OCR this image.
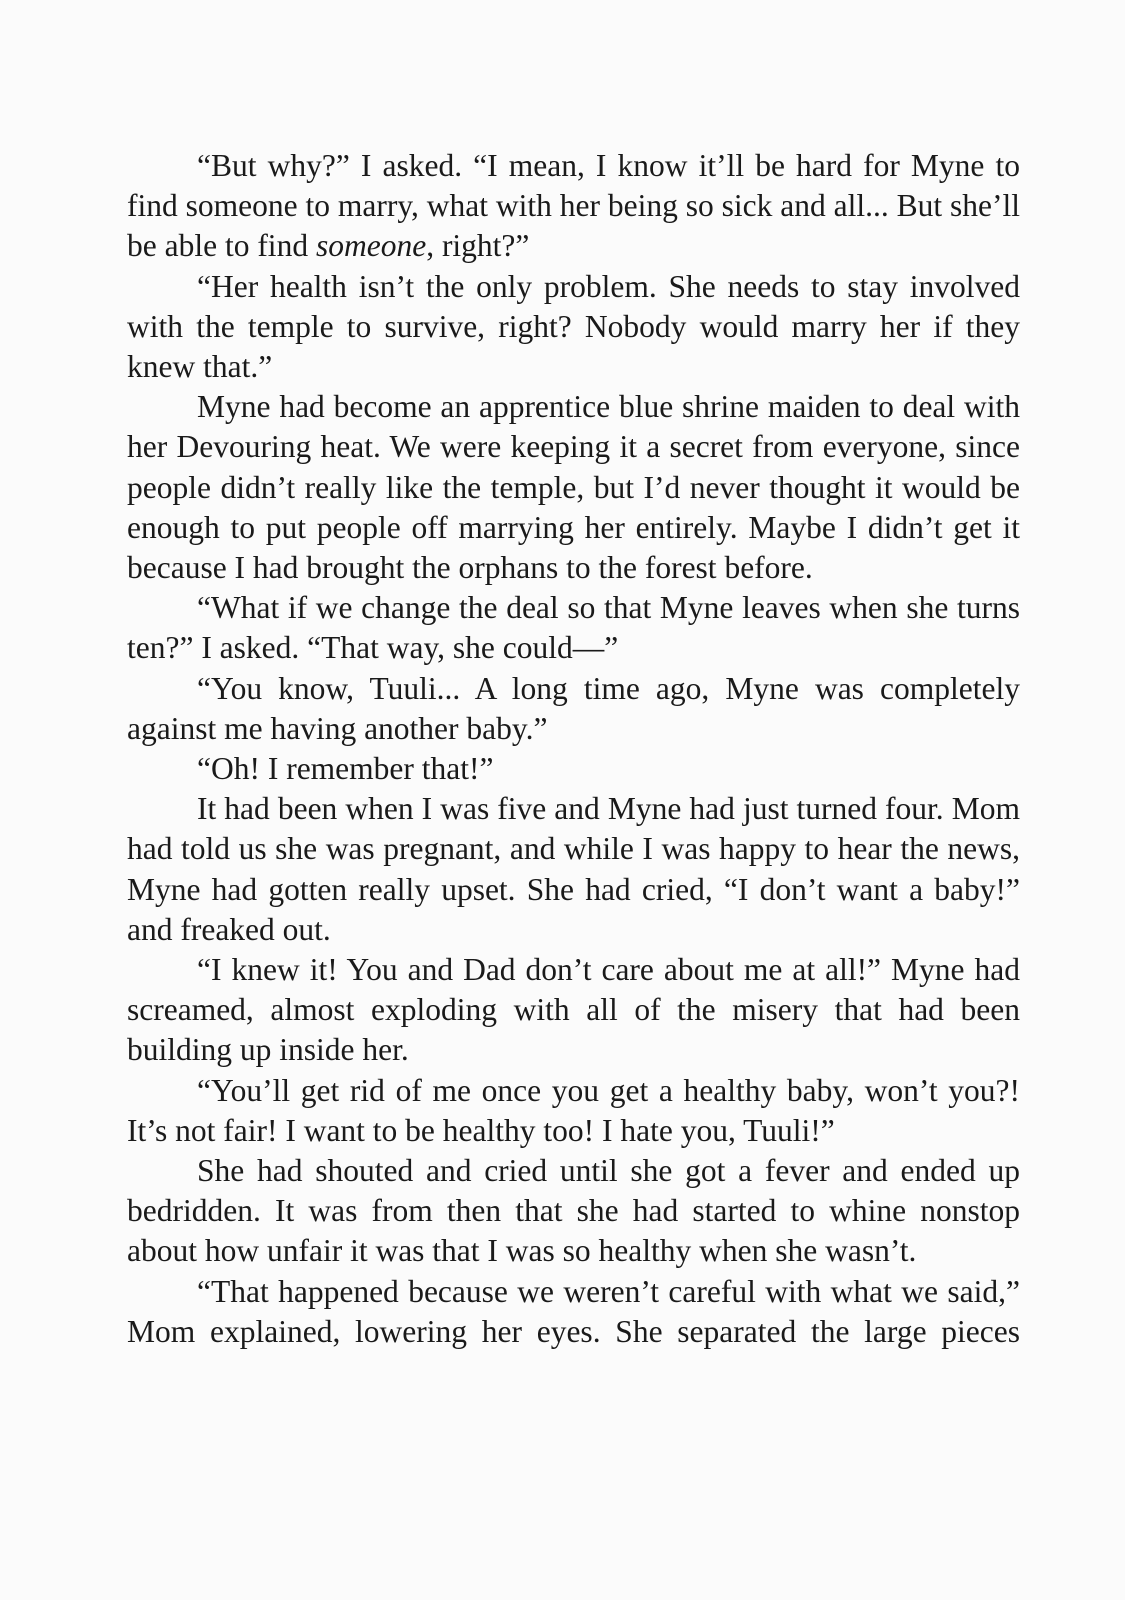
“But why?” I asked. “I mean, I know it’ll be hard for Myne to find someone to marry, what with her being so sick and all... But she’ll be able to find someone, right?”

“Her health isn’t the only problem. She needs to stay involved with the temple to survive, right? Nobody would marry her if they knew that.”

Myne had become an apprentice blue shrine maiden to deal with her Devouring heat. We were keeping it a secret from everyone, since people didn’t really like the temple, but I’d never thought it would be enough to put people off marrying her entirely. Maybe I didn’t get it because I had brought the orphans to the forest before.

“What if we change the deal so that Myne leaves when she turns ten?” I asked. “That way, she could—”

“You know, Tuuli... A long time ago, Myne was completely against me having another baby.”

“Oh! I remember that!”

It had been when I was five and Myne had just turned four. Mom had told us she was pregnant, and while I was happy to hear the news, Myne had gotten really upset. She had cried, “I don’t want a baby!” and freaked out.

“I knew it! You and Dad don’t care about me at all!” Myne had screamed, almost exploding with all of the misery that had been building up inside her.

“You’ll get rid of me once you get a healthy baby, won’t you?! It’s not fair! I want to be healthy too! I hate you, Tuuli!”

She had shouted and cried until she got a fever and ended up bedridden. It was from then that she had started to whine nonstop about how unfair it was that I was so healthy when she wasn’t.

“That happened because we weren’t careful with what we said,” Mom explained, lowering her eyes. She separated the large pieces
